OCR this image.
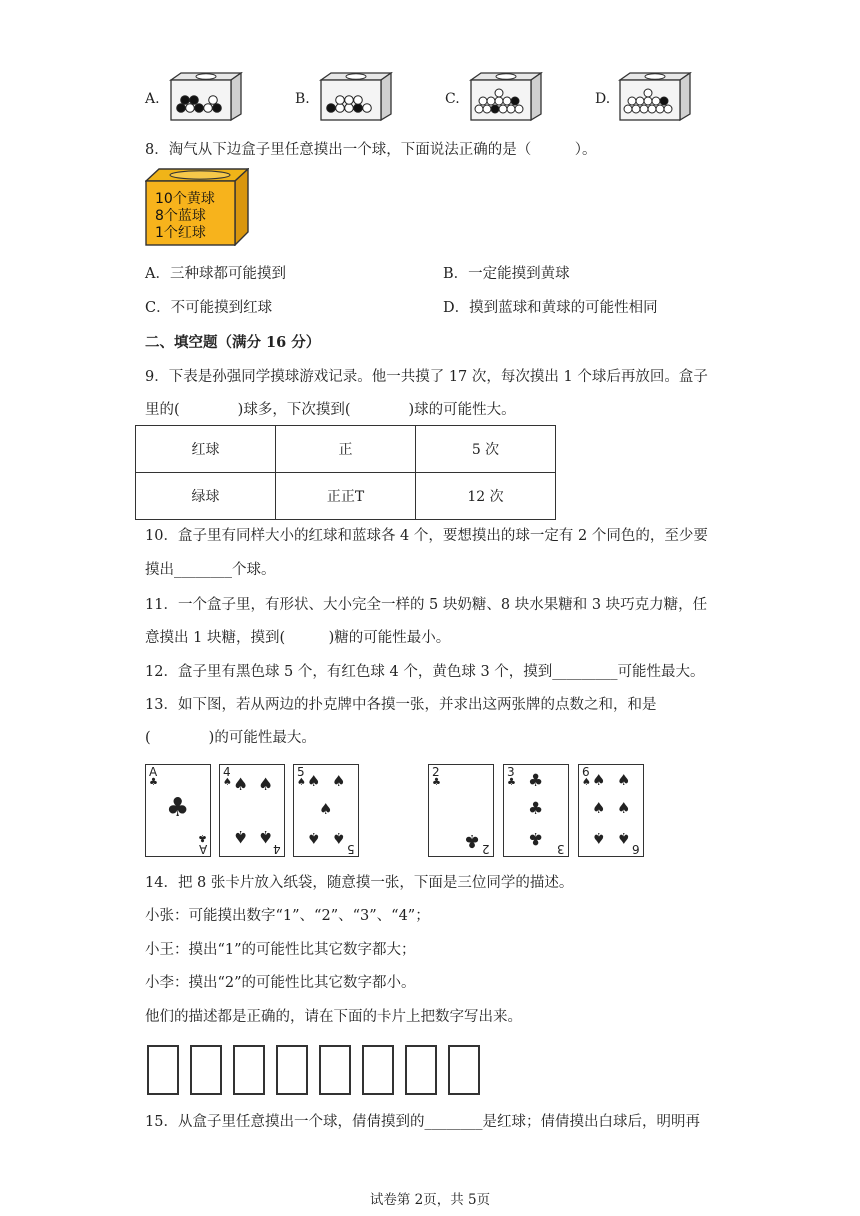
A.	B.	C.	D.
8．淘气从下边盒子里任意摸出一个球，下面说法正确的是（　　　）。
10个黄球
8个蓝球
1个红球
A．三种球都可能摸到	B．一定能摸到黄球
C．不可能摸到红球	D．摸到蓝球和黄球的可能性相同
二、填空题（满分 16 分）
9．下表是孙强同学摸球游戏记录。他一共摸了 17 次，每次摸出 1 个球后再放回。盒子
里的(　　　　)球多，下次摸到(　　　　)球的可能性大。
红球	正	5 次
绿球	正正T	12 次
10．盒子里有同样大小的红球和蓝球各 4 个，要想摸出的球一定有 2 个同色的，至少要
摸出________个球。
11．一个盒子里，有形状、大小完全一样的 5 块奶糖、8 块水果糖和 3 块巧克力糖，任
意摸出 1 块糖，摸到(　　　)糖的可能性最小。
12．盒子里有黑色球 5 个，有红色球 4 个，黄色球 3 个，摸到_________可能性最大。
13．如下图，若从两边的扑克牌中各摸一张，并求出这两张牌的点数之和，和是
(　　　　)的可能性最大。
A
♣
♣
♣
A
4
♠ ♠ ♠
♠ ♠
4
5
♠ ♠ ♠
♠
♠ ♠
5
2
♣
♣ 2
3
♣ ♣
♣
♣
3
6
♠ ♠ ♠
♠ ♠
♠ ♠
6
14．把 8 张卡片放入纸袋，随意摸一张，下面是三位同学的描述。
小张：可能摸出数字“1”、“2”、“3”、“4”；
小王：摸出“1”的可能性比其它数字都大；
小李：摸出“2”的可能性比其它数字都小。
他们的描述都是正确的，请在下面的卡片上把数字写出来。
15．从盒子里任意摸出一个球，倩倩摸到的________是红球；倩倩摸出白球后，明明再
试卷第 2页，共 5页
